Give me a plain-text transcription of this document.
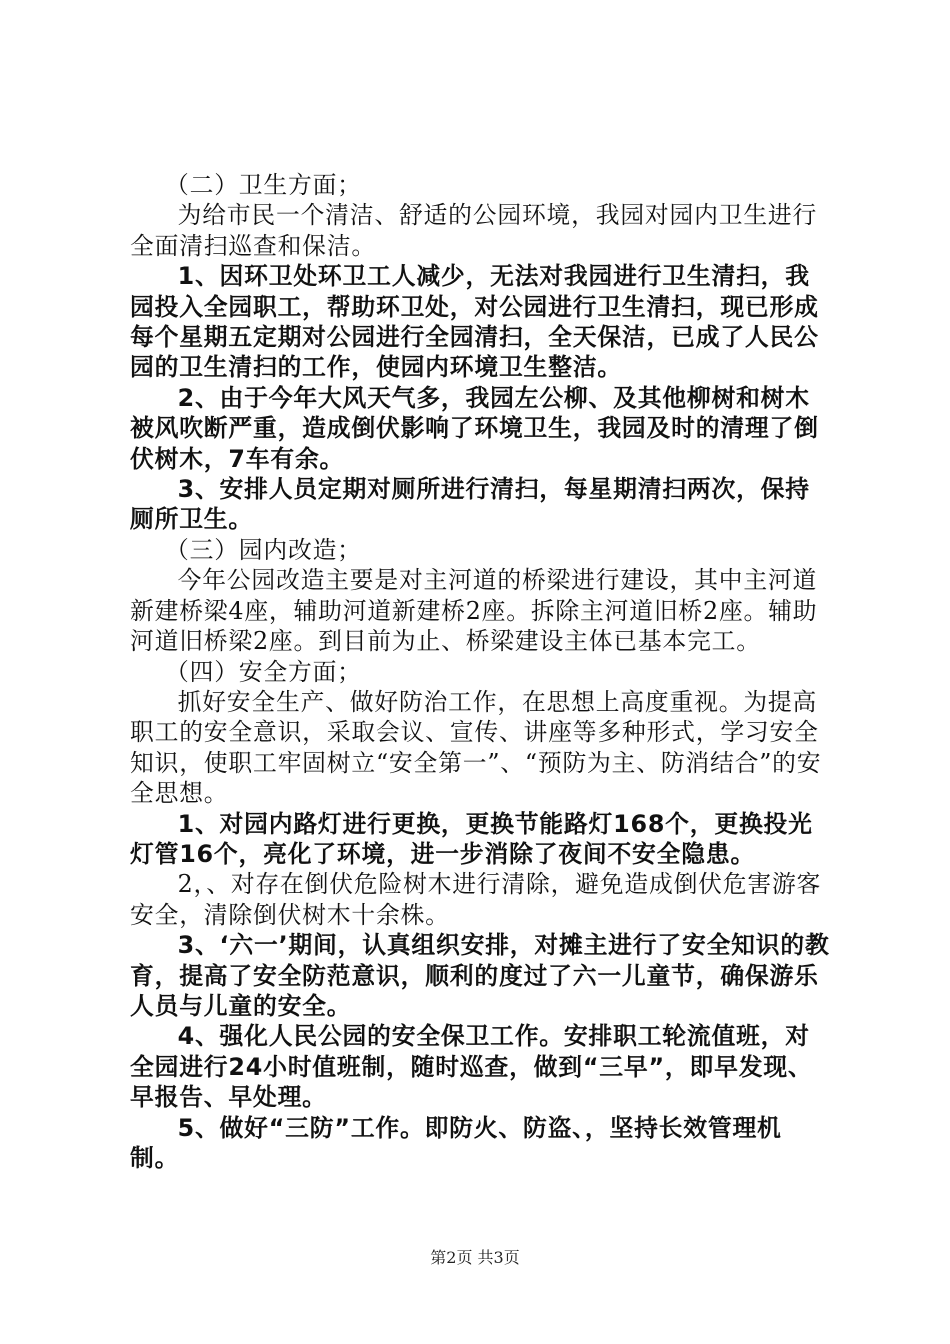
（二）卫生方面；

为给市民一个清洁、舒适的公园环境，我园对园内卫生进行全面清扫巡查和保洁。

1、因环卫处环卫工人减少，无法对我园进行卫生清扫，我园投入全园职工，帮助环卫处，对公园进行卫生清扫，现已形成每个星期五定期对公园进行全园清扫，全天保洁，已成了人民公园的卫生清扫的工作，使园内环境卫生整洁。

2、由于今年大风天气多，我园左公柳、及其他柳树和树木被风吹断严重，造成倒伏影响了环境卫生，我园及时的清理了倒伏树木，7车有余。

3、安排人员定期对厕所进行清扫，每星期清扫两次，保持厕所卫生。

（三）园内改造；

今年公园改造主要是对主河道的桥梁进行建设，其中主河道新建桥梁4座，辅助河道新建桥2座。拆除主河道旧桥2座。辅助河道旧桥梁2座。到目前为止、桥梁建设主体已基本完工。

（四）安全方面；

抓好安全生产、做好防治工作，在思想上高度重视。为提高职工的安全意识，采取会议、宣传、讲座等多种形式，学习安全知识，使职工牢固树立“安全第一”、“预防为主、防消结合”的安全思想。

1、对园内路灯进行更换，更换节能路灯168个，更换投光灯管16个，亮化了环境，进一步消除了夜间不安全隐患。

2，、对存在倒伏危险树木进行清除，避免造成倒伏危害游客安全，清除倒伏树木十余株。

3、‘六一’期间，认真组织安排，对摊主进行了安全知识的教育，提高了安全防范意识，顺利的度过了六一儿童节，确保游乐人员与儿童的安全。

4、强化人民公园的安全保卫工作。安排职工轮流值班，对全园进行24小时值班制，随时巡查，做到“三早”，即早发现、早报告、早处理。

5、做好“三防”工作。即防火、防盗、，坚持长效管理机制。

第2页 共3页
